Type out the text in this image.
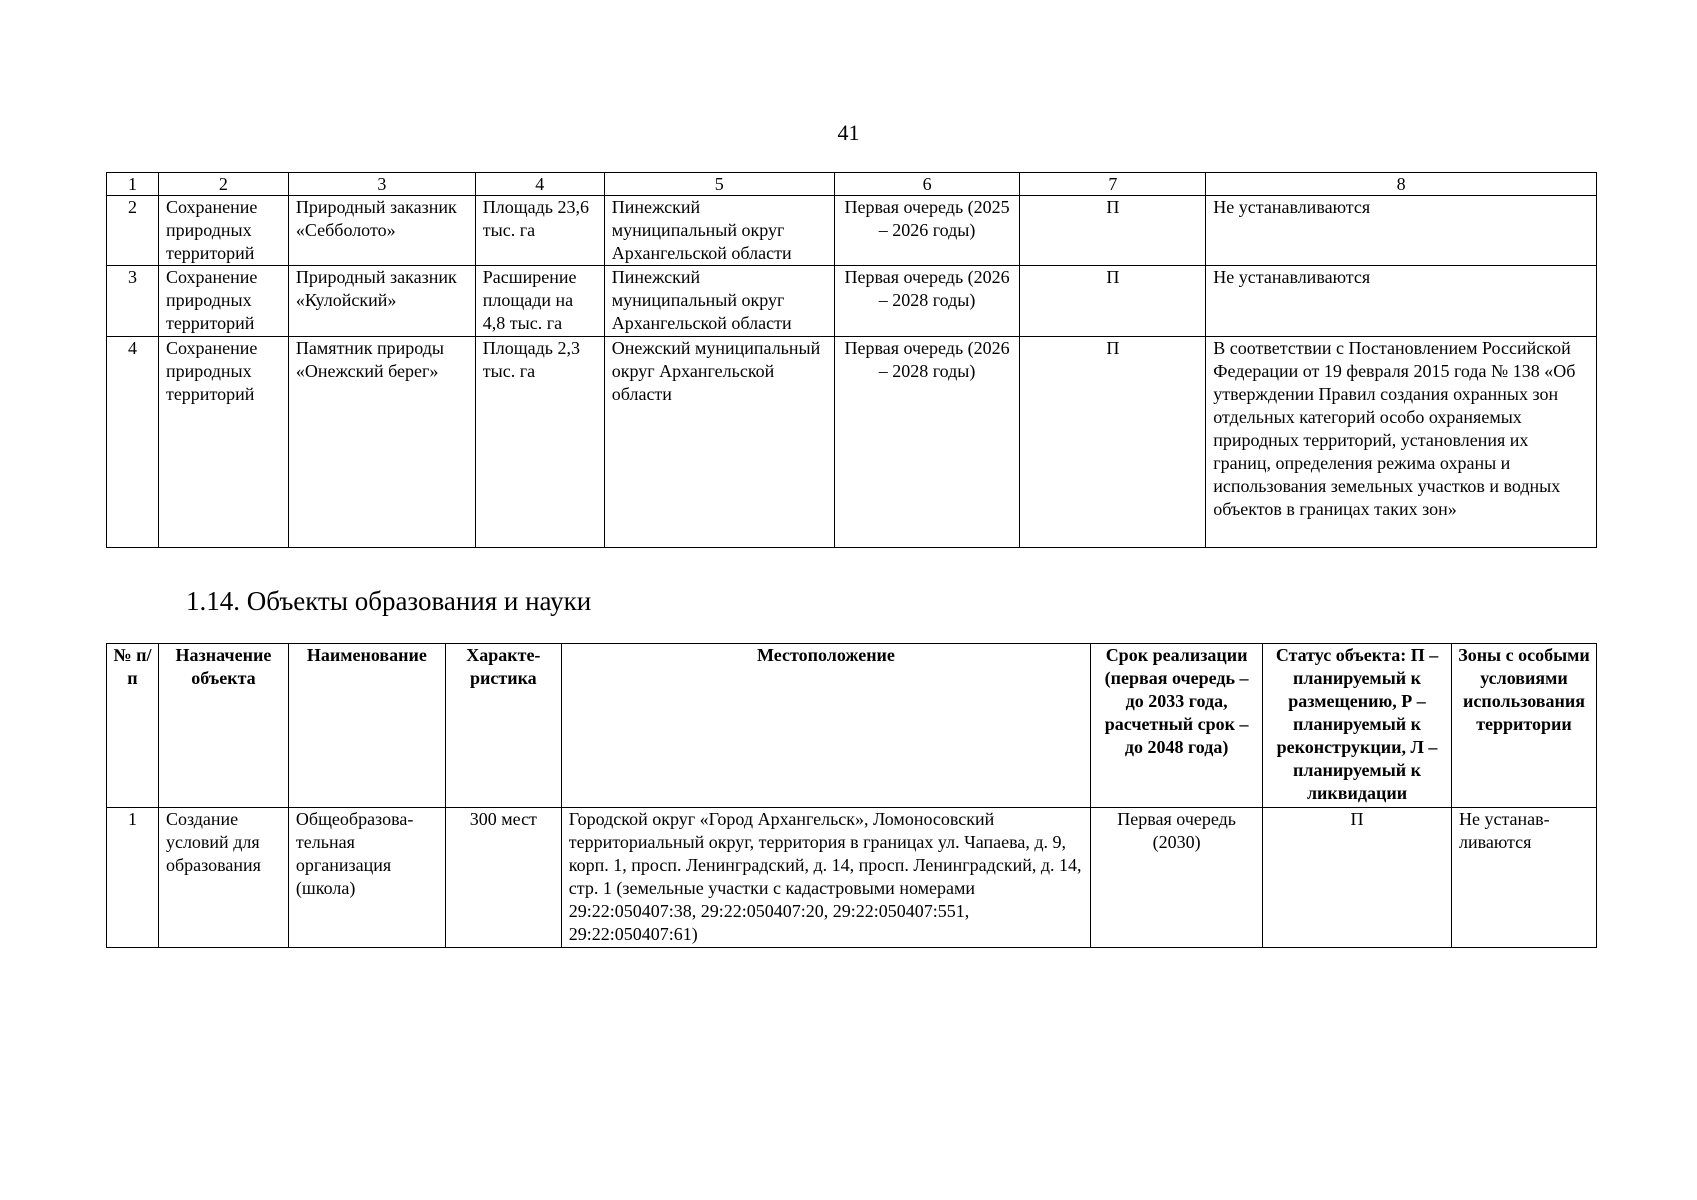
41
1	2	3	4	5	6	7	8
2	Сохранение природных территорий	Природный заказник «Себболото»	Площадь 23,6 тыс. га	Пинежский муниципальный округ Архангельской области	Первая очередь (2025 – 2026 годы)	П	Не устанавливаются
3	Сохранение природных территорий	Природный заказник «Кулойский»	Расширение площади на 4,8 тыс. га	Пинежский муниципальный округ Архангельской области	Первая очередь (2026 – 2028 годы)	П	Не устанавливаются
4	Сохранение природных территорий	Памятник природы «Онежский берег»	Площадь 2,3 тыс. га	Онежский муниципальный округ Архангельской области	Первая очередь (2026 – 2028 годы)	П	В соответствии с Постановлением Российской Федерации от 19 февраля 2015 года № 138 «Об утверждении Правил создания охранных зон отдельных категорий особо охраняемых природных территорий, установления их границ, определения режима охраны и использования земельных участков и водных объектов в границах таких зон»
1.14. Объекты образования и науки
№ п/п	Назначение объекта	Наименование	Характе-ристика	Местоположение	Срок реализации (первая очередь – до 2033 года, расчетный срок – до 2048 года)	Статус объекта: П – планируемый к размещению, Р – планируемый к реконструкции, Л – планируемый к ликвидации	Зоны с особыми условиями использования территории
1	Создание условий для образования	Общеобразова-тельная организация (школа)	300 мест	Городской округ «Город Архангельск», Ломоносовский территориальный округ, территория в границах ул. Чапаева, д. 9, корп. 1, просп. Ленинградский, д. 14, просп. Ленинградский, д. 14, стр. 1 (земельные участки с кадастровыми номерами 29:22:050407:38, 29:22:050407:20, 29:22:050407:551, 29:22:050407:61)	Первая очередь (2030)	П	Не устанав-ливаются
